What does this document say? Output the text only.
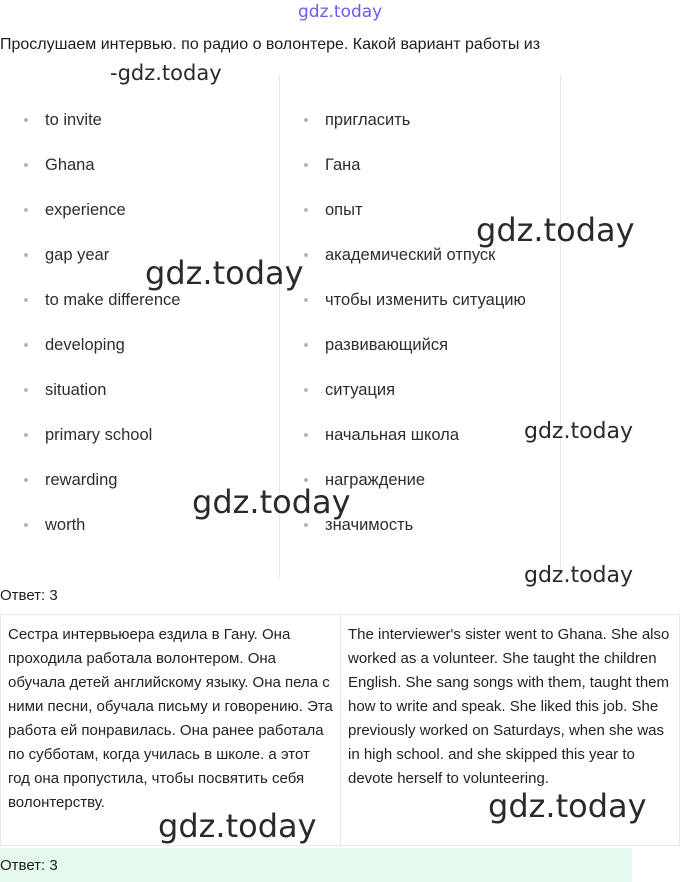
gdz.today
Прослушаем интервью. по радио о волонтере. Какой вариант работы из
to invite
Ghana
experience
gap year
to make difference
developing
situation
primary school
rewarding
worth
пригласить
Гана
опыт
академический отпуск
чтобы изменить ситуацию
развивающийся
ситуация
начальная школа
награждение
значимость
Ответ: 3
Сестра интервьюера ездила в Гану. Она проходила работала волонтером. Она обучала детей английскому языку. Она пела с ними песни, обучала письму и говорению. Эта работа ей понравилась. Она ранее работала по субботам, когда училась в школе. а этот год она пропустила, чтобы посвятить себя волонтерству.
The interviewer's sister went to Ghana. She also worked as a volunteer. She taught the children English. She sang songs with them, taught them how to write and speak. She liked this job. She previously worked on Saturdays, when she was in high school. and she skipped this year to devote herself to volunteering.
Ответ: 3
-gdz.today
gdz.today
gdz.today
gdz.today
gdz.today
gdz.today
gdz.today
gdz.today
